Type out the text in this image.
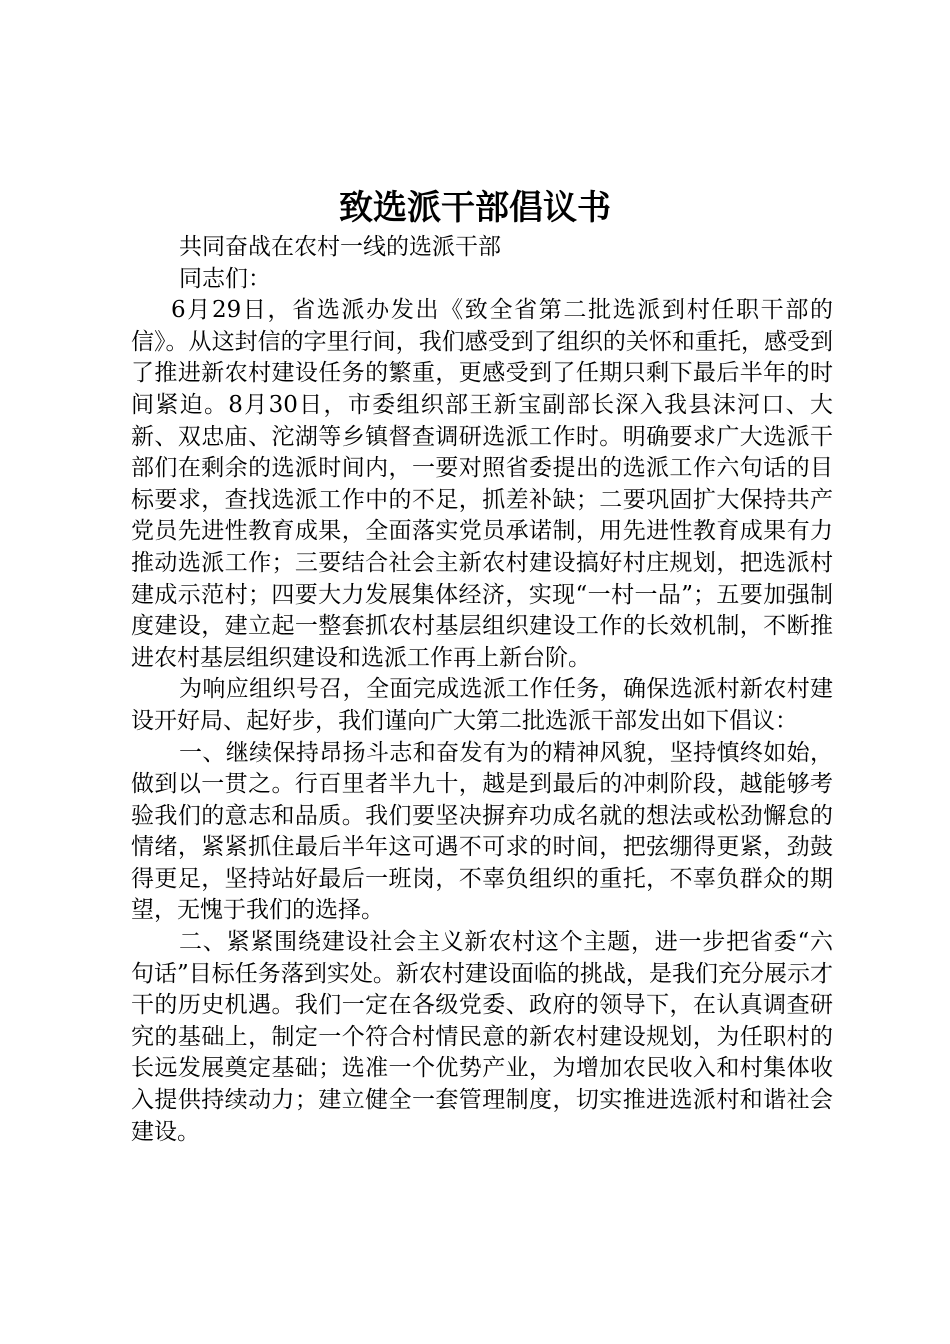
致选派干部倡议书

共同奋战在农村一线的选派干部

同志们：

6月29日，省选派办发出《致全省第二批选派到村任职干部的信》。从这封信的字里行间，我们感受到了组织的关怀和重托，感受到了推进新农村建设任务的繁重，更感受到了任期只剩下最后半年的时间紧迫。8月30日，市委组织部王新宝副部长深入我县沫河口、大新、双忠庙、沱湖等乡镇督查调研选派工作时。明确要求广大选派干部们在剩余的选派时间内，一要对照省委提出的选派工作六句话的目标要求，查找选派工作中的不足，抓差补缺；二要巩固扩大保持共产党员先进性教育成果，全面落实党员承诺制，用先进性教育成果有力推动选派工作；三要结合社会主新农村建设搞好村庄规划，把选派村建成示范村；四要大力发展集体经济，实现“一村一品”；五要加强制度建设，建立起一整套抓农村基层组织建设工作的长效机制，不断推进农村基层组织建设和选派工作再上新台阶。

为响应组织号召，全面完成选派工作任务，确保选派村新农村建设开好局、起好步，我们谨向广大第二批选派干部发出如下倡议：

一、继续保持昂扬斗志和奋发有为的精神风貌，坚持慎终如始，做到以一贯之。行百里者半九十，越是到最后的冲刺阶段，越能够考验我们的意志和品质。我们要坚决摒弃功成名就的想法或松劲懈怠的情绪，紧紧抓住最后半年这可遇不可求的时间，把弦绷得更紧，劲鼓得更足，坚持站好最后一班岗，不辜负组织的重托，不辜负群众的期望，无愧于我们的选择。

二、紧紧围绕建设社会主义新农村这个主题，进一步把省委“六句话”目标任务落到实处。新农村建设面临的挑战，是我们充分展示才干的历史机遇。我们一定在各级党委、政府的领导下，在认真调查研究的基础上，制定一个符合村情民意的新农村建设规划，为任职村的长远发展奠定基础；选准一个优势产业，为增加农民收入和村集体收入提供持续动力；建立健全一套管理制度，切实推进选派村和谐社会建设。
